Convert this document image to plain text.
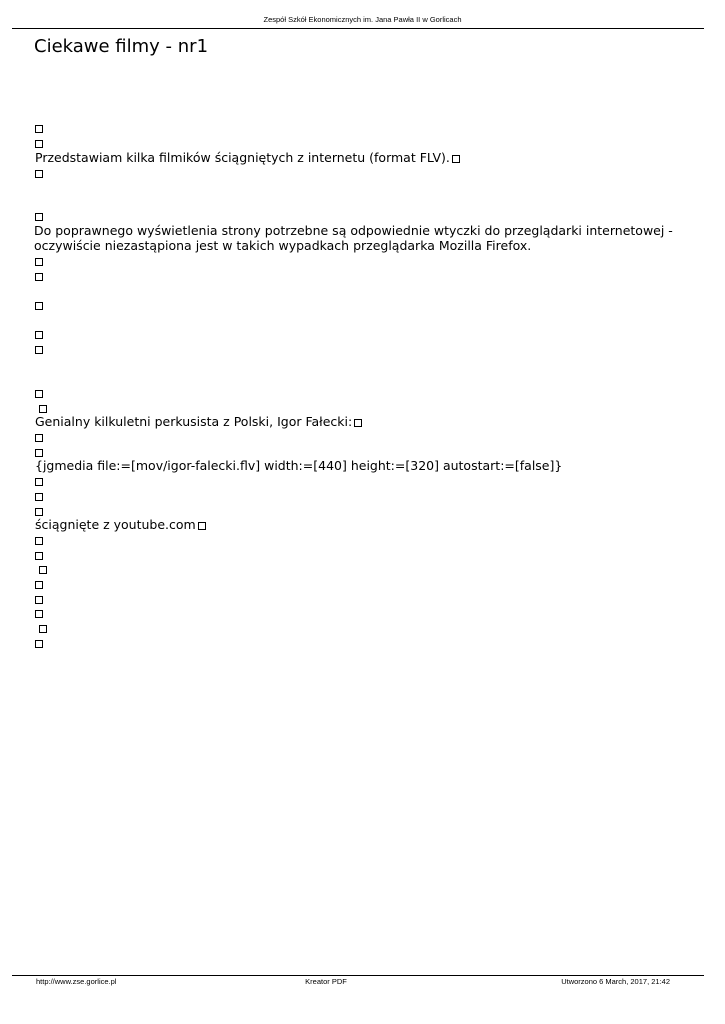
Zespół Szkół Ekonomicznych im. Jana Pawła II w Gorlicach
Ciekawe filmy - nr1
Przedstawiam kilka filmików ściągniętych z internetu (format FLV).
Do poprawnego wyświetlenia strony potrzebne są odpowiednie wtyczki do przeglądarki internetowej - oczywiście niezastąpiona jest w takich wypadkach przeglądarka Mozilla Firefox.
Genialny kilkuletni perkusista z Polski, Igor Fałecki:
{jgmedia file:=[mov/igor-falecki.flv] width:=[440] height:=[320] autostart:=[false]}
ściągnięte z youtube.com
http://www.zse.gorlice.pl	Kreator PDF	Utworzono 6 March, 2017, 21:42
